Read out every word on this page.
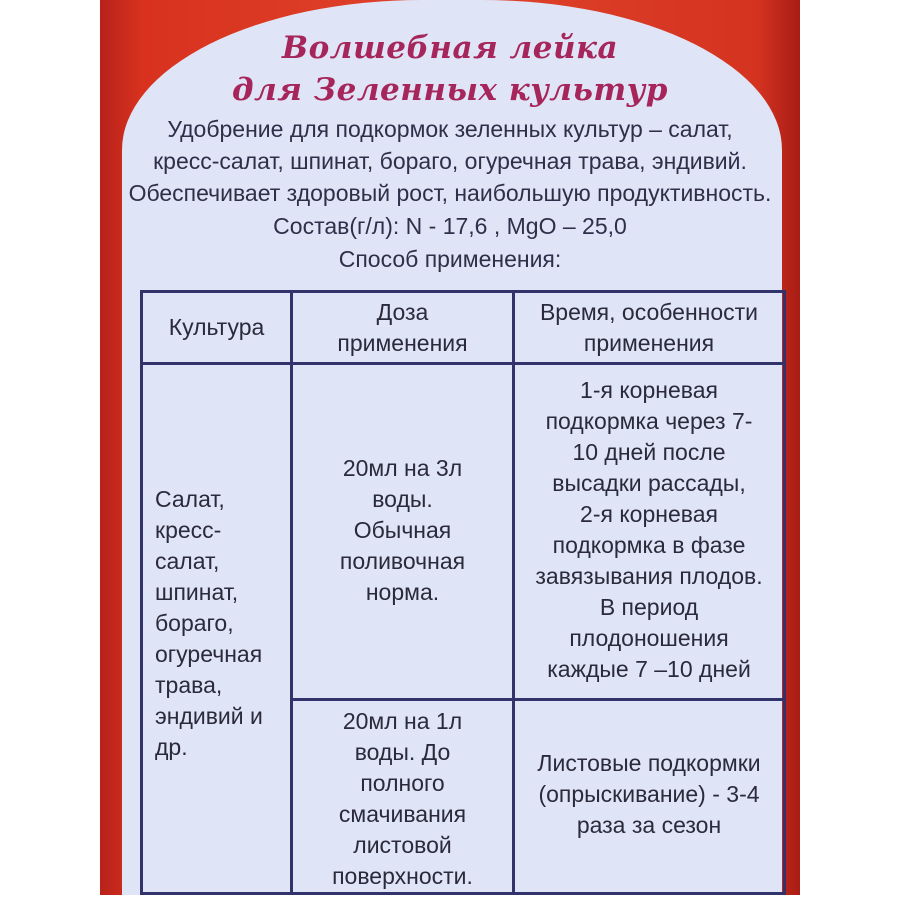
Волшебная лейка
для Зеленных культур

Удобрение для подкормок зеленных культур – салат,

кресс-салат, шпинат, бораго, огуречная трава, эндивий.

Обеспечивает здоровый рост, наибольшую продуктивность.

Состав(г/л): N - 17,6 , MgO – 25,0

Способ применения:

Культура
Доза
применения
Время, особенности
применения
Салат,
кресс-
салат,
шпинат,
бораго,
огуречная
трава,
эндивий и
др.
20мл на 3л
воды.
Обычная
поливочная
норма.
1-я корневая
подкормка через 7-
10 дней после
высадки рассады,
2-я корневая
подкормка в фазе
завязывания плодов.
В период
плодоношения
каждые 7 –10 дней
20мл на 1л
воды. До
полного
смачивания
листовой
поверхности.
Листовые подкормки
(опрыскивание) - 3-4
раза за сезон
